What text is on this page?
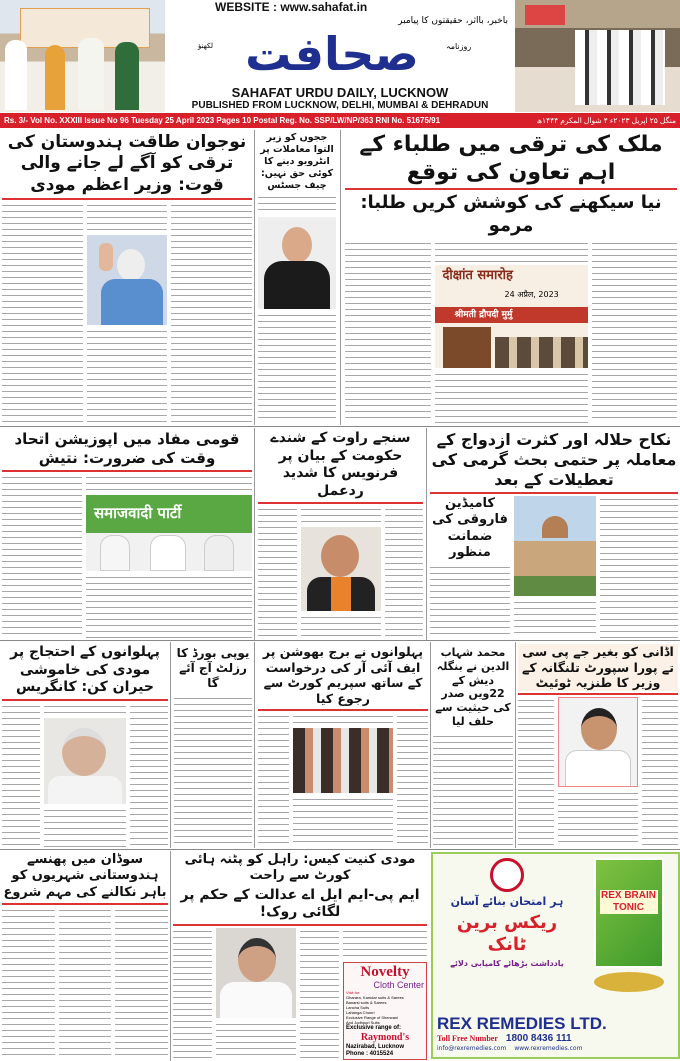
WEBSITE : www.sahafat.in
باخبر، بااثر، حقیقتوں کا پیامبر
لکھنؤ صحافت	روزنامہ
SAHAFAT URDU DAILY, LUCKNOW
PUBLISHED FROM LUCKNOW, DELHI, MUMBAI & DEHRADUN
Rs. 3/- Vol No. XXXIII Issue No 96 Tuesday 25 April 2023 Pages 10 Postal Reg. No. SSP/LW/NP/363 RNI No. 51675/91	منگل ۲۵ اپریل ۲۰۲۳ء ۴ شوال المکرم ۱۴۴۴ھ
ملک کی ترقی میں طلباء کے اہم تعاون کی توقع
نیا سیکھنے کی کوشش کریں طلبا: مرمو
दीक्षांत समारोह
24 अप्रैल, 2023
श्रीमती द्रौपदी मुर्मु
ججوں کو زیر التوا معاملات پر انٹرویو دینے کا کوئی حق نہیں: چیف جسٹس
نوجوان طاقت ہندوستان کی ترقی کو آگے لے جانے والی قوت: وزیر اعظم مودی
قومی مفاد میں اپوزیشن اتحاد وقت کی ضرورت: نتیش
समाजवादी पार्टी
سنجے راوت کے شندے حکومت کے بیان پر فرنویس کا شدید ردعمل
نکاح حلالہ اور کثرت ازدواج کے معاملہ پر حتمی بحث گرمی کی تعطیلات کے بعد
کامیڈین فاروقی کی ضمانت منظور
پہلوانوں کے احتجاج پر مودی کی خاموشی حیران کن: کانگریس
یوپی بورڈ کا رزلٹ آج آئے گا
پہلوانوں نے برج بھوشن پر ایف آئی آر کی درخواست کے ساتھ سپریم کورٹ سے رجوع کیا
محمد شہاب الدین نے بنگلہ دیش کے 22ویں صدر کی حیثیت سے حلف لیا
اڈانی کو بغیر جے پی سی تے پورا سپورٹ تلنگانہ کے وزیر کا طنزیہ ٹوئیٹ
سوڈان میں پھنسے ہندوستانی شہریوں کو باہر نکالنے کی مہم شروع
مودی کنیت کیس: راہل کو پٹنہ ہائی کورٹ سے راحت
ایم پی-ایم ایل اے عدالت کے حکم پر لگائی روک!
Novelty
Cloth Center
Visit for:
Gharara, Kamdar suits & Sarees
Banarsi suits & Sarees
Lancha Suits
Lahanga Chunri
Exclusive Range of Sherwani
And Jodhpuri Suits
Exclusive range of:
Raymond's
Nazirabad, Lucknow
Phone : 4015524
ہر امتحان بنائے آسان
ریکس برین ٹانک
یادداشت بڑھائے کامیابی دلائے
REX BRAIN TONIC
REX REMEDIES LTD.
Toll Free Number 1800 8436 111
info@rexremedies.com www.rexremedies.com
